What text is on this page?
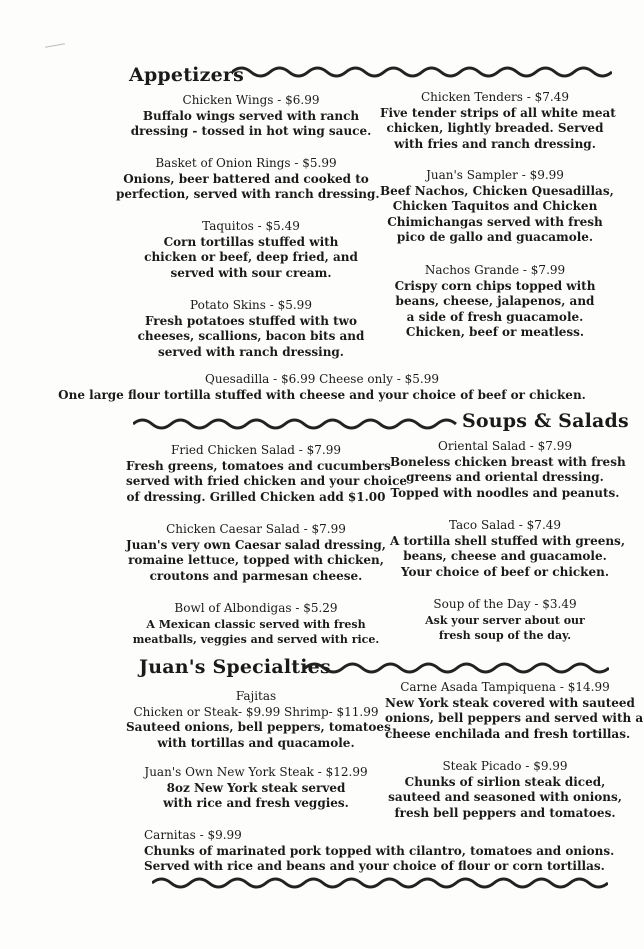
Appetizers
Chicken Wings - $6.99
Buffalo wings served with ranch
dressing - tossed in hot wing sauce.
Basket of Onion Rings - $5.99
Onions, beer battered and cooked to
perfection, served with ranch dressing.
Taquitos - $5.49
Corn tortillas stuffed with
chicken or beef, deep fried, and
served with sour cream.
Potato Skins - $5.99
Fresh potatoes stuffed with two
cheeses, scallions, bacon bits and
served with ranch dressing.
Chicken Tenders - $7.49
Five tender strips of all white meat
chicken, lightly breaded. Served
with fries and ranch dressing.
Juan's Sampler - $9.99
Beef Nachos, Chicken Quesadillas,
Chicken Taquitos and Chicken
Chimichangas served with fresh
pico de gallo and guacamole.
Nachos Grande - $7.99
Crispy corn chips topped with
beans, cheese, jalapenos, and
a side of fresh guacamole.
Chicken, beef or meatless.
Quesadilla - $6.99 Cheese only - $5.99
One large flour tortilla stuffed with cheese and your choice of beef or chicken.
Soups & Salads
Fried Chicken Salad - $7.99
Fresh greens, tomatoes and cucumbers
served with fried chicken and your choice
of dressing. Grilled Chicken add $1.00
Chicken Caesar Salad - $7.99
Juan's very own Caesar salad dressing,
romaine lettuce, topped with chicken,
croutons and parmesan cheese.
Bowl of Albondigas - $5.29
A Mexican classic served with fresh
meatballs, veggies and served with rice.
Oriental Salad - $7.99
Boneless chicken breast with fresh
greens and oriental dressing.
Topped with noodles and peanuts.
Taco Salad - $7.49
A tortilla shell stuffed with greens,
beans, cheese and guacamole.
Your choice of beef or chicken.
Soup of the Day - $3.49
Ask your server about our
fresh soup of the day.
Juan's Specialties
Fajitas
Chicken or Steak- $9.99 Shrimp- $11.99
Sauteed onions, bell peppers, tomatoes
with tortillas and quacamole.
Juan's Own New York Steak - $12.99
8oz New York steak served
with rice and fresh veggies.
Carne Asada Tampiquena - $14.99
New York steak covered with sauteed
onions, bell peppers and served with a
cheese enchilada and fresh tortillas.
Steak Picado - $9.99
Chunks of sirlion steak diced,
sauteed and seasoned with onions,
fresh bell peppers and tomatoes.
Carnitas - $9.99
Chunks of marinated pork topped with cilantro, tomatoes and onions.
Served with rice and beans and your choice of flour or corn tortillas.
